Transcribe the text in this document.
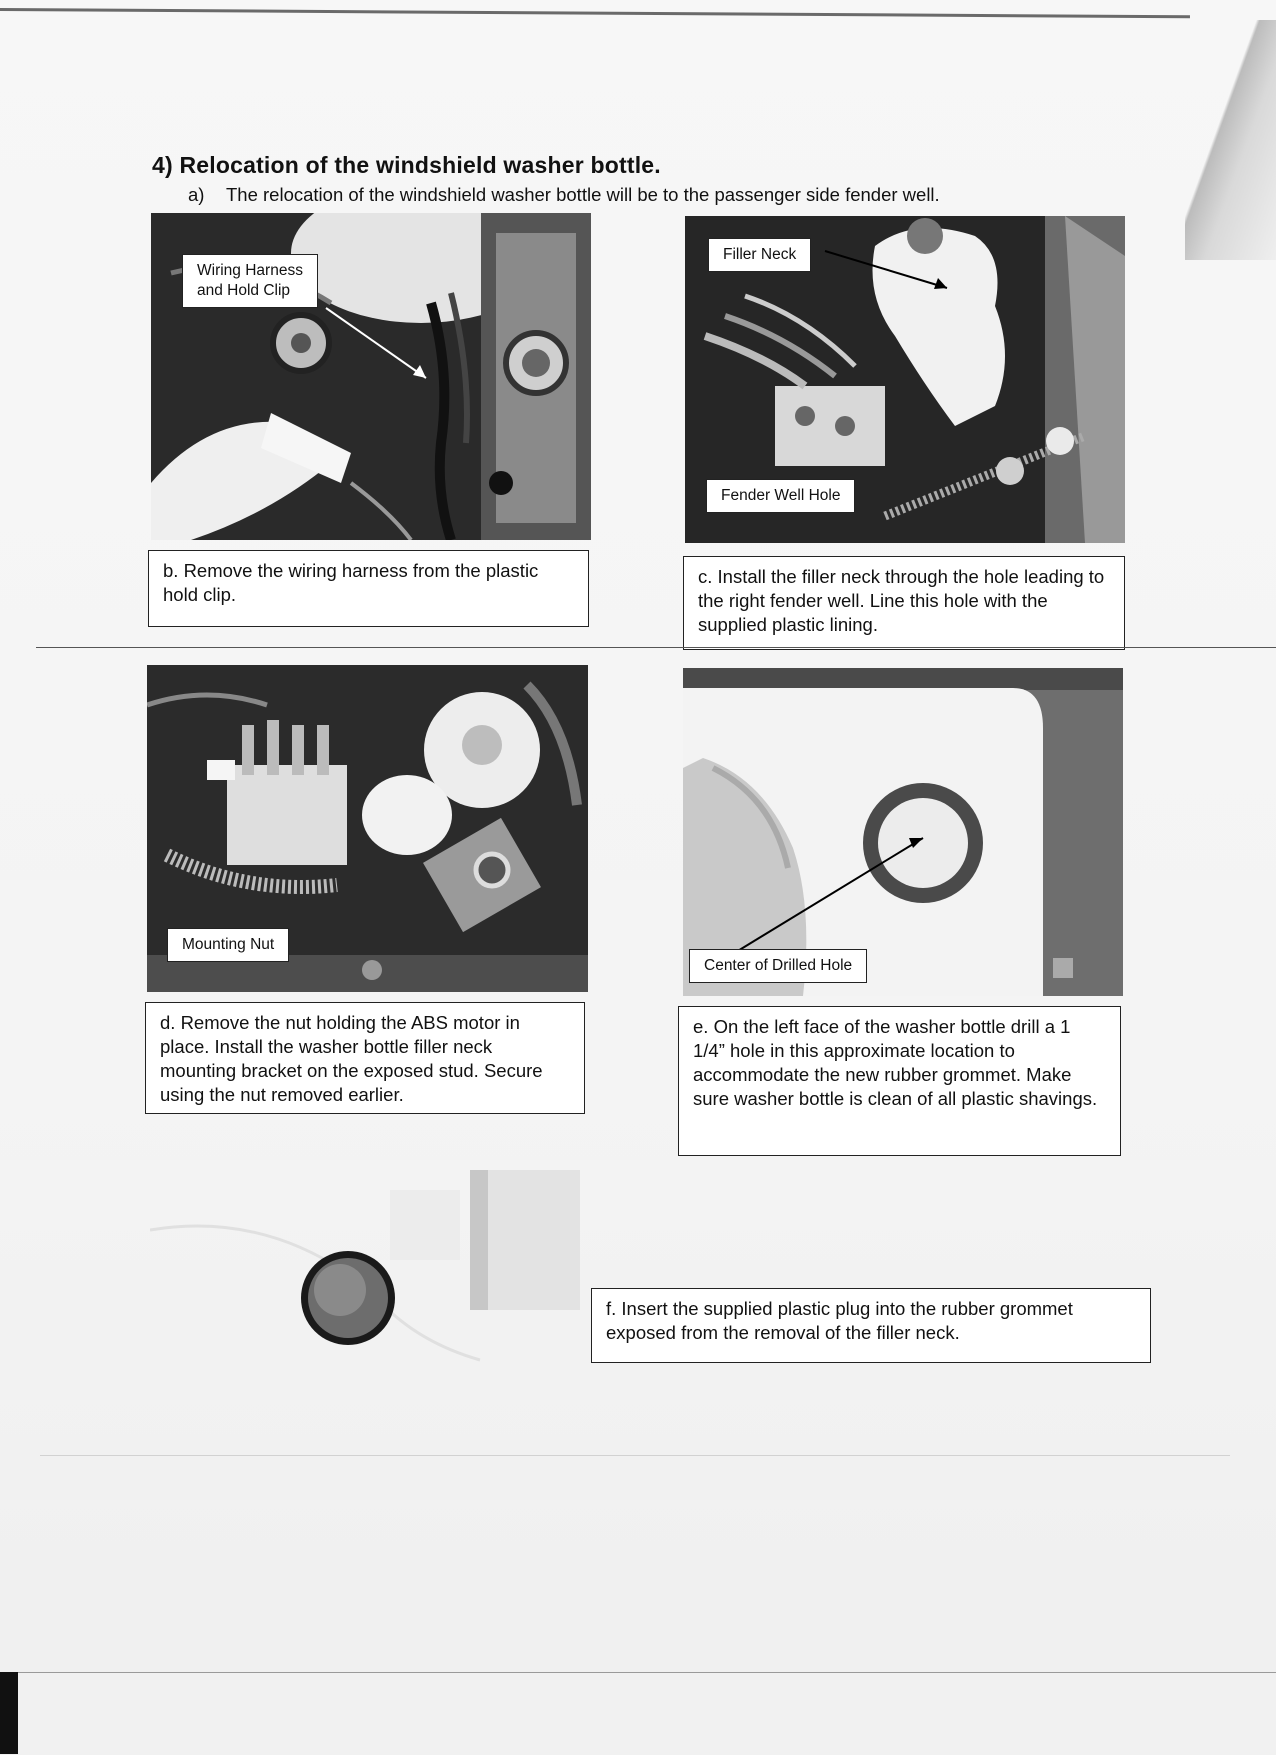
4) Relocation of the windshield washer bottle.
a) The relocation of the windshield washer bottle will be to the passenger side fender well.
Wiring Harness
and Hold Clip
Filler Neck
Fender Well Hole
b. Remove the wiring harness from the plastic hold clip.
c. Install the filler neck through the hole leading to the right fender well. Line this hole with the supplied plastic lining.
Mounting Nut
Center of Drilled Hole
d. Remove the nut holding the ABS motor in place. Install the washer bottle filler neck mounting bracket on the exposed stud. Secure using the nut removed earlier.
e. On the left face of the washer bottle drill a 1 1/4” hole in this approximate location to accommodate the new rubber grommet. Make sure washer bottle is clean of all plastic shavings.
f. Insert the supplied plastic plug into the rubber grommet exposed from the removal of the filler neck.
